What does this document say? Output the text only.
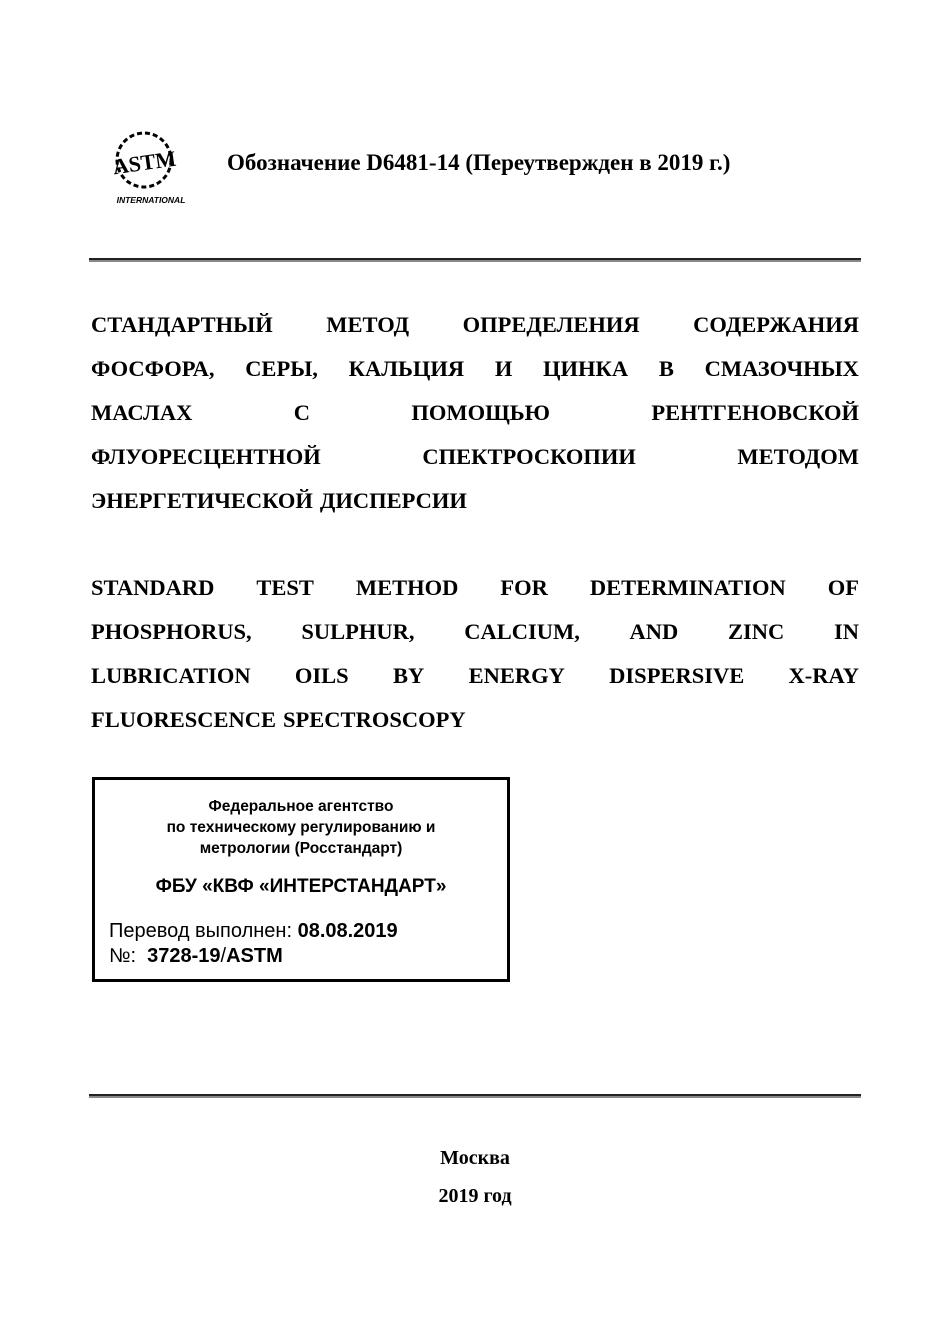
ASTM
INTERNATIONAL
Обозначение D6481-14 (Переутвержден в 2019 г.)
СТАНДАРТНЫЙ МЕТОД ОПРЕДЕЛЕНИЯ СОДЕРЖАНИЯ
ФОСФОРА, СЕРЫ, КАЛЬЦИЯ И ЦИНКА В СМАЗОЧНЫХ
МАСЛАХ	С	ПОМОЩЬЮ	РЕНТГЕНОВСКОЙ
ФЛУОРЕСЦЕНТНОЙ	СПЕКТРОСКОПИИ	МЕТОДОМ
ЭНЕРГЕТИЧЕСКОЙ ДИСПЕРСИИ
STANDARD TEST METHOD FOR DETERMINATION OF
PHOSPHORUS, SULPHUR, CALCIUM, AND ZINC IN
LUBRICATION OILS BY ENERGY DISPERSIVE X-RAY
FLUORESCENCE SPECTROSCOPY
Федеральное агентство
по техническому регулированию и
метрологии (Росстандарт)
ФБУ «КВФ «ИНТЕРСТАНДАРТ»
Перевод выполнен: 08.08.2019
№: 3728-19/ASTM
Москва
2019 год
